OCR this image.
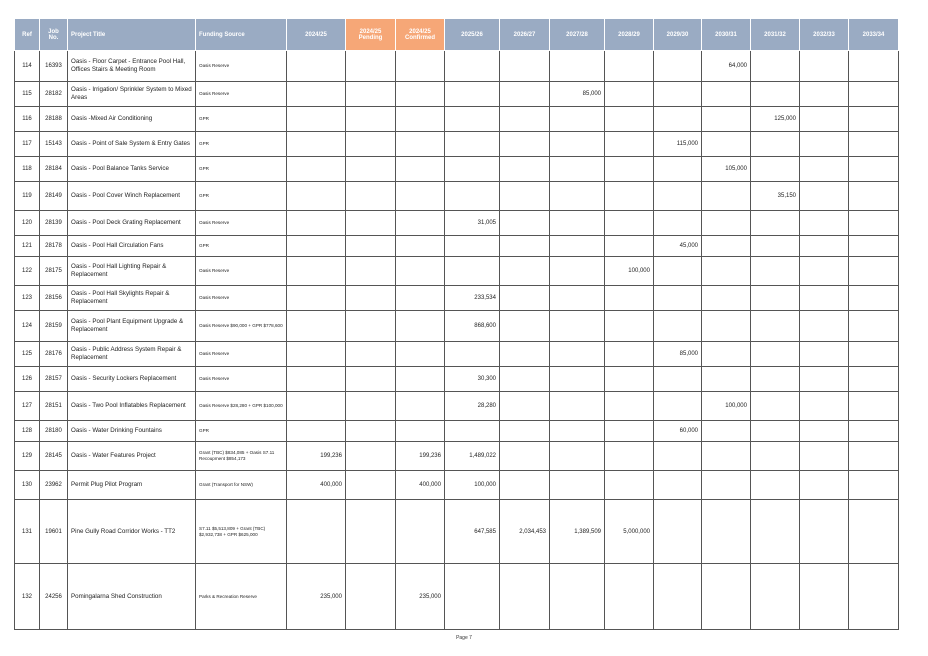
Ref	Job No.	Project Title	Funding Source	2024/25	2024/25 Pending	2024/25 Confirmed	2025/26	2026/27	2027/28	2028/29	2029/30	2030/31	2031/32	2032/33	2033/34
114	16393	Oasis - Floor Carpet - Entrance Pool Hall, Offices Stairs & Meeting Room	Oasis Reserve									64,000			
115	28182	Oasis - Irrigation/ Sprinkler System to Mixed Areas	Oasis Reserve						85,000						
116	28188	Oasis -Mixed Air Conditioning	GPR										125,000		
117	15143	Oasis - Point of Sale System & Entry Gates	GPR								115,000				
118	28184	Oasis - Pool Balance Tanks Service	GPR									105,000			
119	28149	Oasis - Pool Cover Winch Replacement	GPR										35,150		
120	28139	Oasis - Pool Deck Grating Replacement	Oasis Reserve				31,005								
121	28178	Oasis - Pool Hall Circulation Fans	GPR								45,000				
122	28175	Oasis - Pool Hall Lighting Repair & Replacement	Oasis Reserve							100,000					
123	28156	Oasis - Pool Hall Skylights Repair & Replacement	Oasis Reserve				233,534								
124	28159	Oasis - Pool Plant Equipment Upgrade & Replacement	Oasis Reserve $90,000 + GPR $778,600				868,600								
125	28176	Oasis - Public Address System Repair & Replacement	Oasis Reserve								85,000				
126	28157	Oasis - Security Lockers Replacement	Oasis Reserve				30,300								
127	28151	Oasis - Two Pool Inflatables Replacement	Oasis Reserve $28,280 + GPR $100,000				28,280					100,000			
128	28180	Oasis - Water Drinking Fountains	GPR								60,000				
129	28145	Oasis - Water Features Project	Grant (TBC) $834,085 + Oasis S7.11 Recoupment $854,173	199,236		199,236	1,489,022								
130	23962	Permit Plug Pilot Program	Grant (Transport for NSW)	400,000		400,000	100,000								
131	19601	Pine Gully Road Corridor Works - TT2	S7.11 $5,513,809 + Grant (TBC) $2,932,738 + GPR $625,000				647,585	2,034,453	1,389,509	5,000,000					
132	24256	Pomingalarna Shed Construction	Parks & Recreation Reserve	235,000		235,000									
Page 7
